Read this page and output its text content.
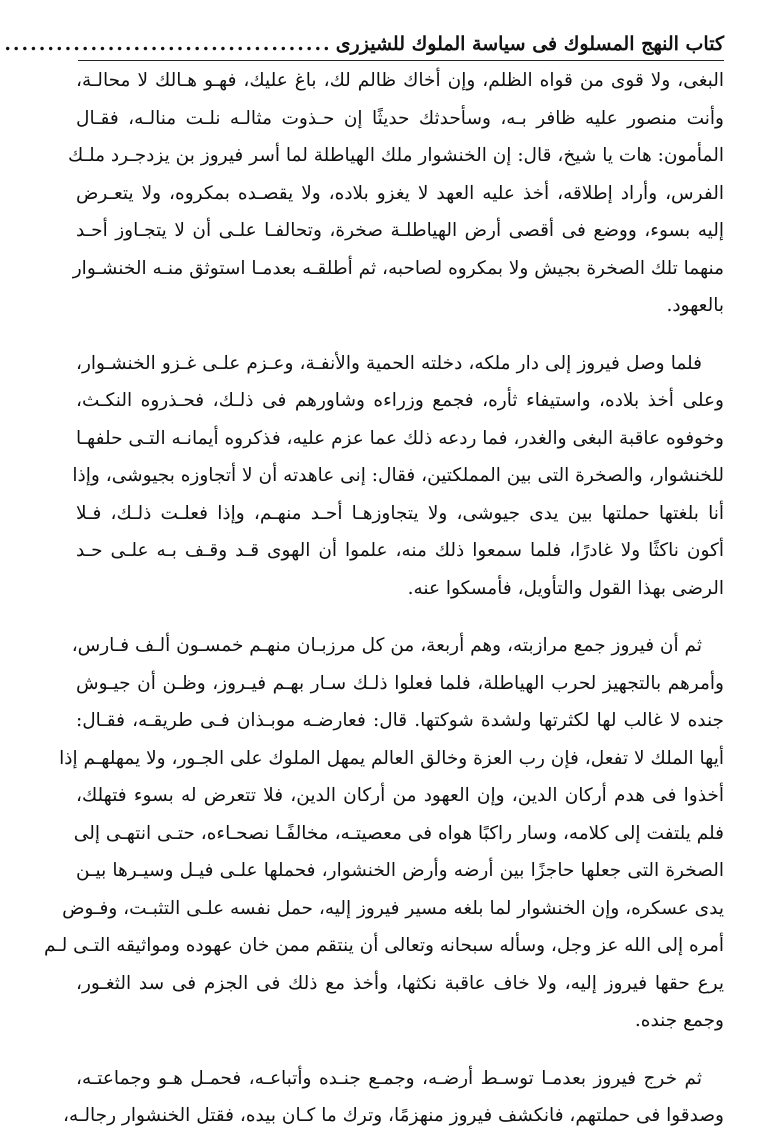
كتاب النهج المسلوك فى سياسة الملوك للشيزرى
......................................
البغى، ولا قوى من قواه الظلم، وإن أخاك ظالم لك، باغ عليك، فهـو هـالك لا محالـة،
وأنت منصور عليه ظافر بـه، وسأحدثك حديثًا إن حـذوت مثالـه نلـت منالـه، فقـال
المأمون: هات يا شيخ، قال: إن الخنشوار ملك الهياطلة لما أسر فيروز بن يزدجـرد ملـك
الفرس، وأراد إطلاقه، أخذ عليه العهد لا يغزو بلاده، ولا يقصـده بمكروه، ولا يتعـرض
إليه بسوء، ووضع فى أقصى أرض الهياطلـة صخرة، وتحالفـا علـى أن لا يتجـاوز أحـد
منهما تلك الصخرة بجيش ولا بمكروه لصاحبه، ثم أطلقـه بعدمـا استوثق منـه الخنشـوار
بالعهود.
فلما وصل فيروز إلى دار ملكه، دخلته الحمية والأنفـة، وعـزم علـى غـزو الخنشـوار،
وعلى أخذ بلاده، واستيفاء ثأره، فجمع وزراءه وشاورهم فى ذلـك، فحـذروه النكـث،
وخوفوه عاقبة البغى والغدر، فما ردعه ذلك عما عزم عليه، فذكروه أيمانـه التـى حلفهـا
للخنشوار، والصخرة التى بين المملكتين، فقال: إنى عاهدته أن لا أتجاوزه بجيوشى، وإذا
أنا بلغتها حملتها بين يدى جيوشى، ولا يتجاوزهـا أحـد منهـم، وإذا فعلـت ذلـك، فـلا
أكون ناكثًا ولا غادرًا، فلما سمعوا ذلك منه، علموا أن الهوى قـد وقـف بـه علـى حـد
الرضى بهذا القول والتأويل، فأمسكوا عنه.
ثم أن فيروز جمع مرازبته، وهم أربعة، من كل مرزبـان منهـم خمسـون ألـف فـارس،
وأمرهم بالتجهيز لحرب الهياطلة، فلما فعلوا ذلـك سـار بهـم فيـروز، وظـن أن جيـوش
جنده لا غالب لها لكثرتها ولشدة شوكتها. قال: فعارضـه موبـذان فـى طريقـه، فقـال:
أيها الملك لا تفعل، فإن رب العزة وخالق العالم يمهل الملوك على الجـور، ولا يمهلهـم إذا
أخذوا فى هدم أركان الدين، وإن العهود من أركان الدين، فلا تتعرض له بسوء فتهلك،
فلم يلتفت إلى كلامه، وسار راكبًا هواه فى معصيتـه، مخالفًـا نصحـاءه، حتـى انتهـى إلى
الصخرة التى جعلها حاجزًا بين أرضه وأرض الخنشوار، فحملها علـى فيـل وسيـرها بيـن
يدى عسكره، وإن الخنشوار لما بلغه مسير فيروز إليه، حمل نفسه علـى التثبـت، وفـوض
أمره إلى الله عز وجل، وسأله سبحانه وتعالى أن ينتقم ممن خان عهوده ومواثيقه التـى لـم
يرع حقها فيروز إليه، ولا خاف عاقبة نكثها، وأخذ مع ذلك فى الجزم فى سد الثغـور،
وجمع جنده.
ثم خرج فيروز بعدمـا توسـط أرضـه، وجمـع جنـده وأتباعـه، فحمـل هـو وجماعتـه،
وصدقوا فى حملتهم، فانكشف فيروز منهزمًا، وترك ما كـان بيده، فقتل الخنشوار رجالـه،
